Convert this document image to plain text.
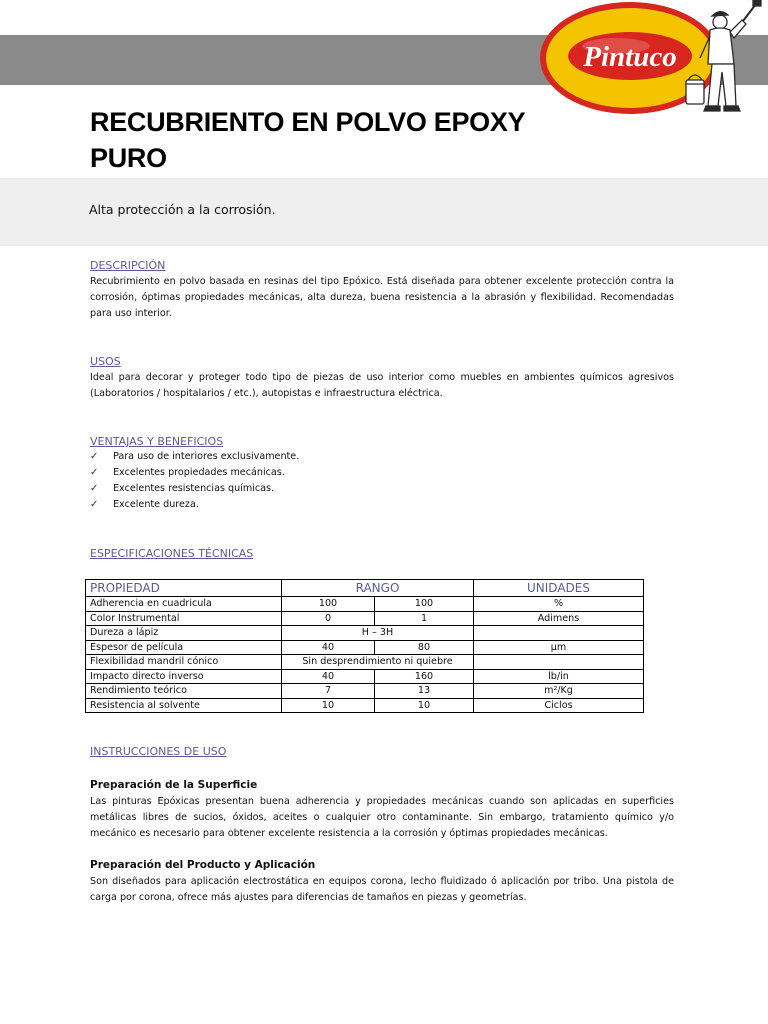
Pintuco
RECUBRIENTO EN POLVO EPOXY PURO
Alta protección a la corrosión.
DESCRIPCIÓN

Recubrimiento en polvo basada en resinas del tipo Epóxico. Está diseñada para obtener excelente protección contra la corrosión, óptimas propiedades mecánicas, alta dureza, buena resistencia a la abrasión y flexibilidad. Recomendadas para uso interior.

USOS

Ideal para decorar y proteger todo tipo de piezas de uso interior como muebles en ambientes químicos agresivos (Laboratorios / hospitalarios / etc.), autopistas e infraestructura eléctrica.

VENTAJAS Y BENEFICIOS
✓ Para uso de interiores exclusivamente.
✓ Excelentes propiedades mecánicas.
✓ Excelentes resistencias químicas.
✓ Excelente dureza.
ESPECIFICACIONES TÉCNICAS
PROPIEDAD	RANGO		UNIDADES
Adherencia en cuadricula	100	100	%
Color Instrumental	0	1	Adimens
Dureza a lápiz	H – 3H		
Espesor de película	40	80	µm
Flexibilidad mandril cónico	Sin desprendimiento ni quiebre		
Impacto directo inverso	40	160	lb/in
Rendimiento teórico	7	13	m²/Kg
Resistencia al solvente	10	10	Ciclos
INSTRUCCIONES DE USO
Preparación de la Superficie

Las pinturas Epóxicas presentan buena adherencia y propiedades mecánicas cuando son aplicadas en superficies metálicas libres de sucios, óxidos, aceites o cualquier otro contaminante. Sin embargo, tratamiento químico y/o mecánico es necesario para obtener excelente resistencia a la corrosión y óptimas propiedades mecánicas.

Preparación del Producto y Aplicación

Son diseñados para aplicación electrostática en equipos corona, lecho fluidizado ó aplicación por tribo. Una pistola de carga por corona, ofrece más ajustes para diferencias de tamaños en piezas y geometrías.
